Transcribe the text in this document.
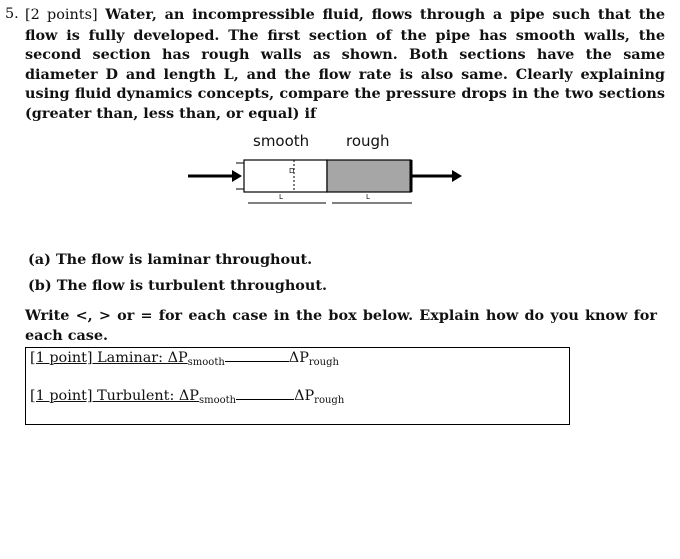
5. [2 points] Water, an incompressible fluid, flows through a pipe such that the flow is fully developed. The first section of the pipe has smooth walls, the second section has rough walls as shown. Both sections have the same diameter D and length L, and the flow rate is also same. Clearly explaining using fluid dynamics concepts, compare the pressure drops in the two sections (greater than, less than, or equal) if
smooth rough
D
L	L
(a) The flow is laminar throughout.
(b) The flow is turbulent throughout.
Write <, > or = for each case in the box below. Explain how do you know for each case.
[1 point] Laminar: $\Delta P_{smooth}$	$\Delta P_{rough}$
[1 point] Turbulent: $\Delta P_{smooth}$	$\Delta P_{rough}$
